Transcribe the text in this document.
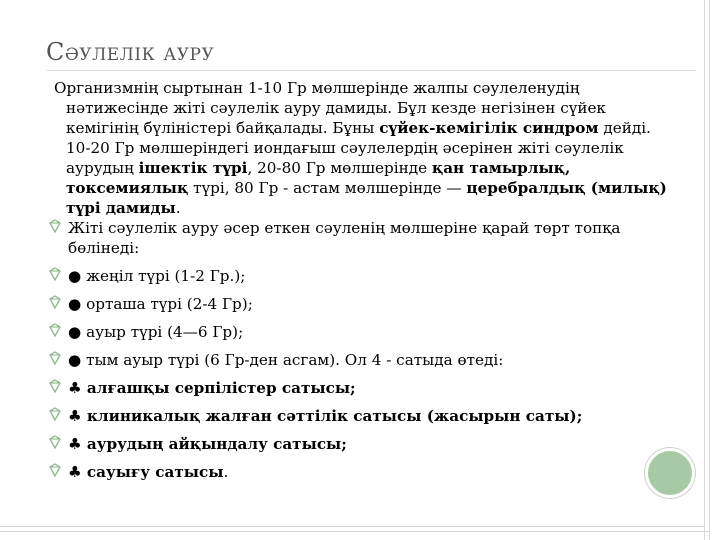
Сәулелік ауру

Организмнің сыртынан 1-10 Гр мөлшерінде жалпы сәулеленудің нәтижесінде жіті сәулелік ауру дамиды. Бұл кезде негізінен сүйек кемігінің бүліністері байқалады. Бұны сүйек-кемігілік синдром дейді. 10-20 Гр мөлшеріндегі иондағыш сәулелердің әсерінен жіті сәулелік аурудың ішектік түрі, 20-80 Гр мөлшерінде қан тамырлық, токсемиялық түрі, 80 Гр - астам мөлшерінде — церебралдық (милық) түрі дамиды.

Жіті сәулелік ауру әсер еткен сәуленің мөлшеріне қарай төрт топқа бөлінеді:
● жеңіл түрі (1-2 Гр.);
● орташа түрі (2-4 Гр);
● ауыр түрі (4—6 Гр);
● тым ауыр түрі (6 Гр-ден асгам). Ол 4 - сатыда өтеді:
♣ алғашқы серпілістер сатысы;
♣ клиникалық жалған сәттілік сатысы (жасырын саты);
♣ аурудың айқындалу сатысы;
♣ сауығу сатысы.
